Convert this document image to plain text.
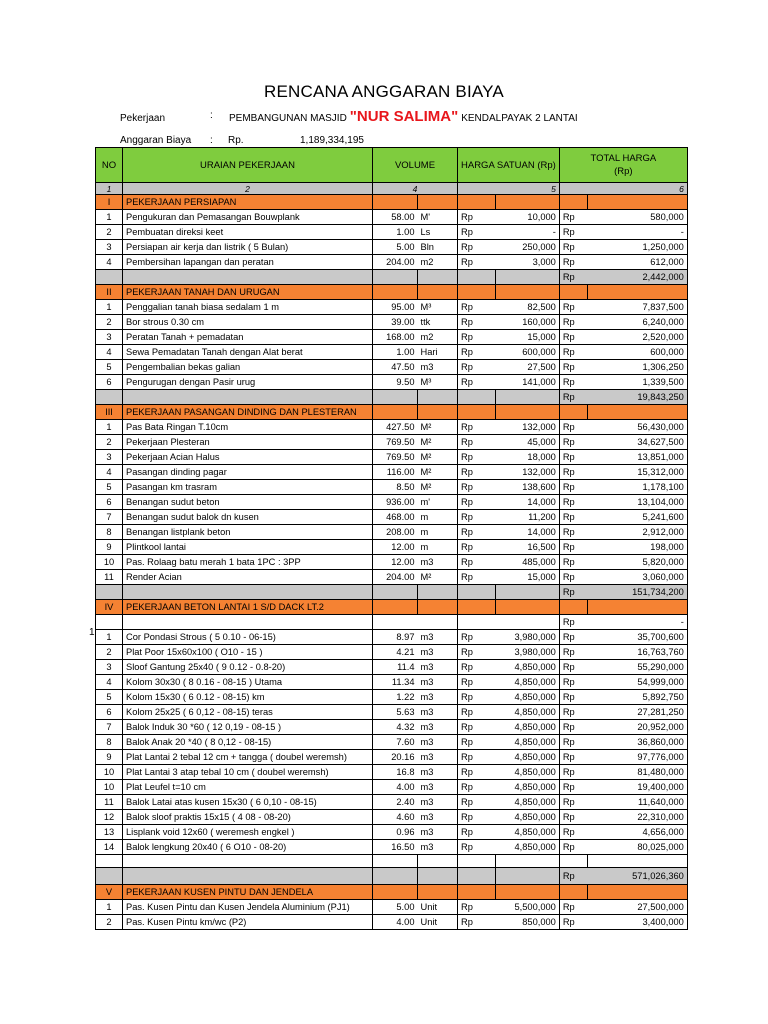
RENCANA ANGGARAN BIAYA
Pekerjaan	: PEMBANGUNAN MASJID "NUR SALIMA" KENDALPAYAK 2 LANTAI
Anggaran Biaya : Rp.	1,189,334,195
1
NO	URAIAN PEKERJAAN	VOLUME		HARGA SATUAN (Rp)		TOTAL HARGA
(Rp)	

1	2	4		5		6	
I	PEKERJAAN PERSIAPAN						
1	Pengukuran dan Pemasangan Bouwplank	58.00	M'	Rp	10,000	Rp	580,000
2	Pembuatan direksi keet	1.00	Ls	Rp	-	Rp	-
3	Persiapan air kerja dan listrik ( 5 Bulan)	5.00	Bln	Rp	250,000	Rp	1,250,000
4	Pembersihan lapangan dan peratan	204.00	m2	Rp	3,000	Rp	612,000
						Rp	2,442,000
II	PEKERJAAN TANAH DAN URUGAN						
1	Penggalian tanah biasa sedalam 1 m	95.00	M³	Rp	82,500	Rp	7,837,500
2	Bor strous 0.30 cm	39.00	ttk	Rp	160,000	Rp	6,240,000
3	Peratan Tanah + pemadatan	168.00	m2	Rp	15,000	Rp	2,520,000
4	Sewa Pemadatan Tanah dengan Alat berat	1.00	Hari	Rp	600,000	Rp	600,000
5	Pengembalian bekas galian	47.50	m3	Rp	27,500	Rp	1,306,250
6	Pengurugan dengan Pasir urug	9.50	M³	Rp	141,000	Rp	1,339,500
						Rp	19,843,250
III	PEKERJAAN PASANGAN DINDING DAN PLESTERAN						
1	Pas Bata Ringan T.10cm	427.50	M²	Rp	132,000	Rp	56,430,000
2	Pekerjaan Plesteran	769.50	M²	Rp	45,000	Rp	34,627,500
3	Pekerjaan Acian Halus	769.50	M²	Rp	18,000	Rp	13,851,000
4	Pasangan dinding pagar	116.00	M²	Rp	132,000	Rp	15,312,000
5	Pasangan km trasram	8.50	M²	Rp	138,600	Rp	1,178,100
6	Benangan sudut beton	936.00	m'	Rp	14,000	Rp	13,104,000
7	Benangan sudut balok dn kusen	468.00	m	Rp	11,200	Rp	5,241,600
8	Benangan listplank beton	208.00	m	Rp	14,000	Rp	2,912,000
9	Plintkool lantai	12.00	m	Rp	16,500	Rp	198,000
10	Pas. Rolaag batu merah 1 bata 1PC : 3PP	12.00	m3	Rp	485,000	Rp	5,820,000
11	Render Acian	204.00	M²	Rp	15,000	Rp	3,060,000
						Rp	151,734,200
IV	PEKERJAAN BETON LANTAI 1 S/D DACK LT.2						
						Rp	-
1	Cor Pondasi Strous ( 5 0.10 - 06-15)	8.97	m3	Rp	3,980,000	Rp	35,700,600
2	Plat Poor 15x60x100 ( O10 - 15 )	4.21	m3	Rp	3,980,000	Rp	16,763,760
3	Sloof Gantung 25x40 ( 9 0.12 - 0.8-20)	11.4	m3	Rp	4,850,000	Rp	55,290,000
4	Kolom 30x30 ( 8 0.16 - 08-15 ) Utama	11.34	m3	Rp	4,850,000	Rp	54,999,000
5	Kolom 15x30 ( 6 0.12 - 08-15) km	1.22	m3	Rp	4,850,000	Rp	5,892,750
6	Kolom 25x25 ( 6 0,12 - 08-15) teras	5.63	m3	Rp	4,850,000	Rp	27,281,250
7	Balok Induk 30 *60 ( 12 0,19 - 08-15 )	4.32	m3	Rp	4,850,000	Rp	20,952,000
8	Balok Anak 20 *40 ( 8 0,12 - 08-15)	7.60	m3	Rp	4,850,000	Rp	36,860,000
9	Plat Lantai 2 tebal 12 cm + tangga ( doubel weremsh)	20.16	m3	Rp	4,850,000	Rp	97,776,000
10	Plat Lantai 3 atap tebal 10 cm ( doubel weremsh)	16.8	m3	Rp	4,850,000	Rp	81,480,000
10	Plat Leufel t=10 cm	4.00	m3	Rp	4,850,000	Rp	19,400,000
11	Balok Latai atas kusen 15x30 ( 6 0,10 - 08-15)	2.40	m3	Rp	4,850,000	Rp	11,640,000
12	Balok sloof praktis 15x15 ( 4 08 - 08-20)	4.60	m3	Rp	4,850,000	Rp	22,310,000
13	Lisplank void 12x60 ( weremesh engkel )	0.96	m3	Rp	4,850,000	Rp	4,656,000
14	Balok lengkung 20x40 ( 6 O10 - 08-20)	16.50	m3	Rp	4,850,000	Rp	80,025,000

						Rp	571,026,360
V	PEKERJAAN KUSEN PINTU DAN JENDELA						
1	Pas. Kusen Pintu dan Kusen Jendela Aluminium (PJ1)	5.00	Unit	Rp	5,500,000	Rp	27,500,000
2	Pas. Kusen Pintu km/wc (P2)	4.00	Unit	Rp	850,000	Rp	3,400,000
